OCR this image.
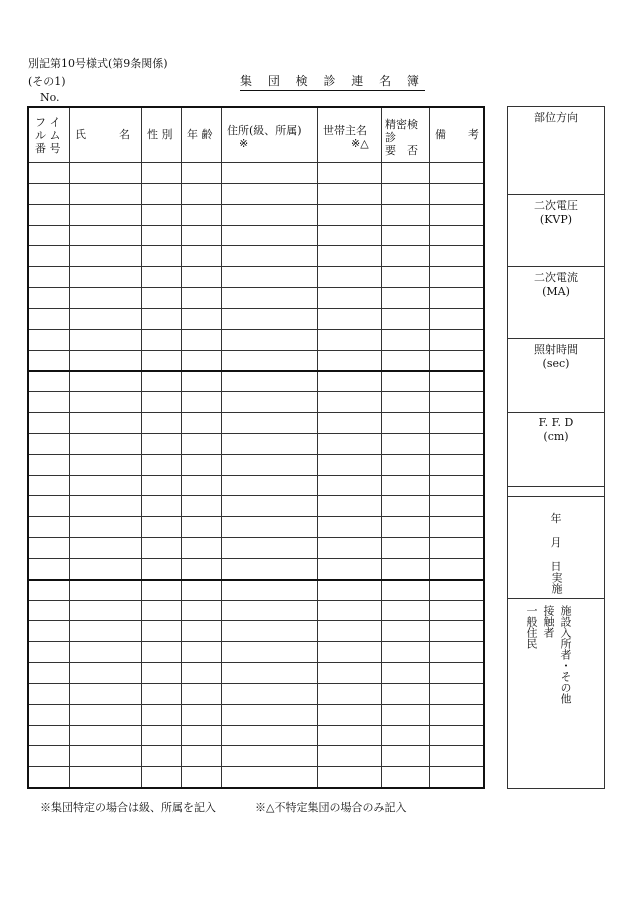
別記第10号様式(第9条関係)
(その1)	集 団 検 診 連 名 簿
No.
フ イ
ル ム
番 号
氏　　　名 性 別 年 齢 住所(級、所属)
※
世帯主名
※△
精密検
診
要　否
備　　考
部位方向
二次電圧
(KVP)
二次電流
(MA)
照射時間
(sec)
F. F. D
(cm)
年
月
日
実施
施設入所者・その他
接触者
一般住民
※集団特定の場合は級、所属を記入	※△不特定集団の場合のみ記入
